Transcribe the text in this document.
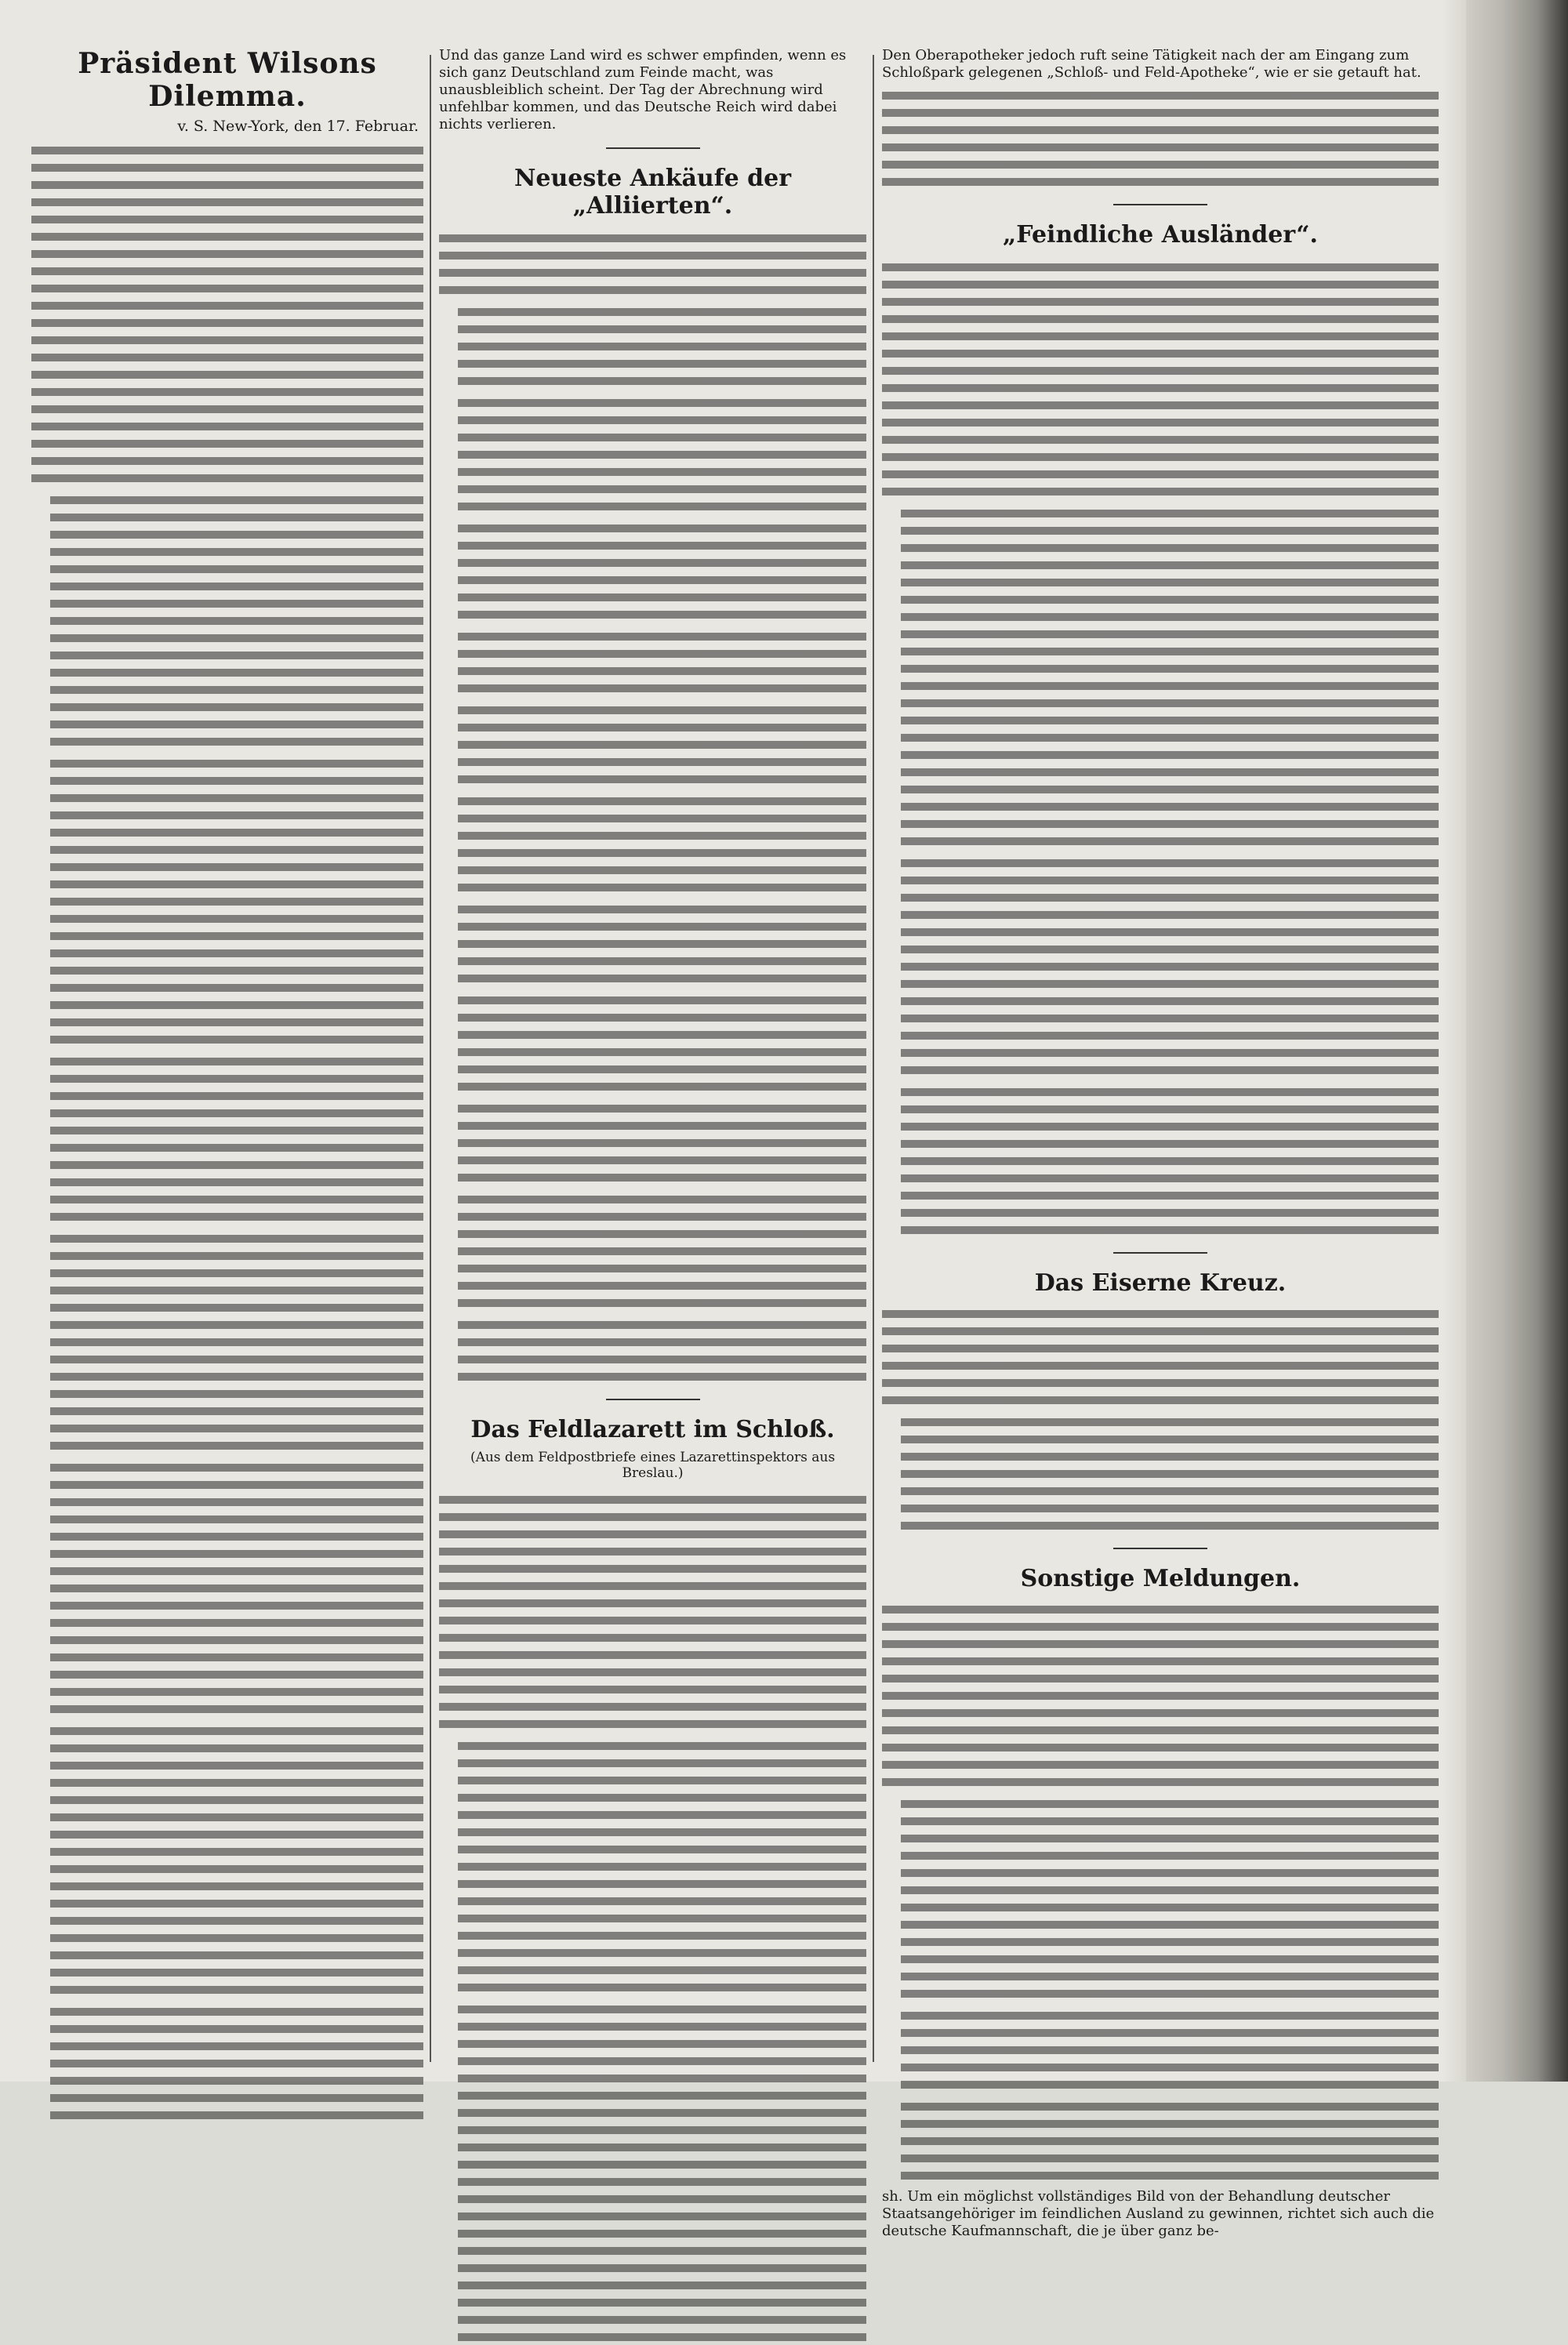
Präsident Wilsons Dilemma.
v. S. New-York, den 17. Februar.

Und das ganze Land wird es schwer empfinden, wenn es sich ganz Deutschland zum Feinde macht, was unausbleiblich scheint. Der Tag der Abrechnung wird unfehlbar kommen, und das Deutsche Reich wird dabei nichts verlieren.

Neueste Ankäufe der „Alliierten“.
Das Feldlazarett im Schloß.
(Aus dem Feldpostbriefe eines Lazarettinspektors aus Breslau.)

Den Oberapotheker jedoch ruft seine Tätigkeit nach der am Eingang zum Schloßpark gelegenen „Schloß- und Feld-Apotheke“, wie er sie getauft hat.

„Feindliche Ausländer“.
Das Eiserne Kreuz.
Sonstige Meldungen.

sh. Um ein möglichst vollständiges Bild von der Behandlung deutscher Staatsangehöriger im feindlichen Ausland zu gewinnen, richtet sich auch die deutsche Kaufmannschaft, die je über ganz be-
